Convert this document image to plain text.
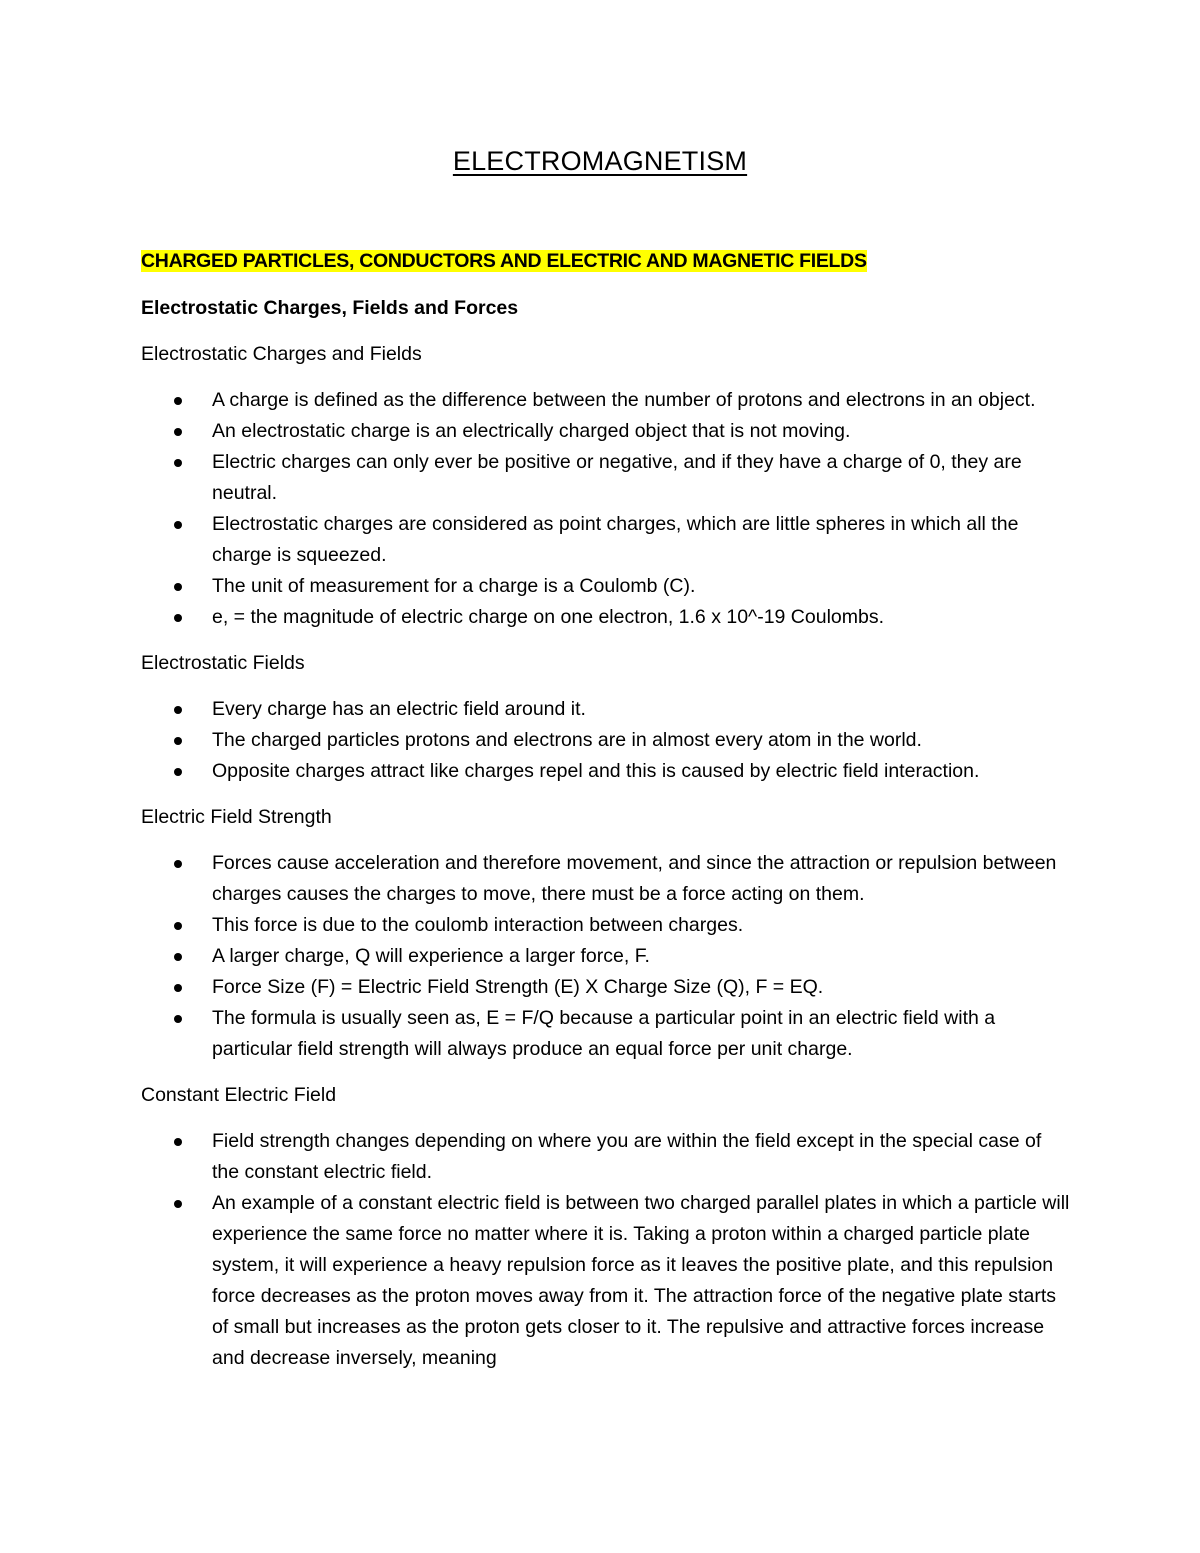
ELECTROMAGNETISM

CHARGED PARTICLES, CONDUCTORS AND ELECTRIC AND MAGNETIC FIELDS

Electrostatic Charges, Fields and Forces

Electrostatic Charges and Fields

A charge is defined as the difference between the number of protons and electrons in an object.
An electrostatic charge is an electrically charged object that is not moving.
Electric charges can only ever be positive or negative, and if they have a charge of 0, they are neutral.
Electrostatic charges are considered as point charges, which are little spheres in which all the charge is squeezed.
The unit of measurement for a charge is a Coulomb (C).
e, = the magnitude of electric charge on one electron, 1.6 x 10^-19 Coulombs.

Electrostatic Fields

Every charge has an electric field around it.
The charged particles protons and electrons are in almost every atom in the world.
Opposite charges attract like charges repel and this is caused by electric field interaction.

Electric Field Strength

Forces cause acceleration and therefore movement, and since the attraction or repulsion between charges causes the charges to move, there must be a force acting on them.
This force is due to the coulomb interaction between charges.
A larger charge, Q will experience a larger force, F.
Force Size (F) = Electric Field Strength (E) X Charge Size (Q), F = EQ.
The formula is usually seen as, E = F/Q because a particular point in an electric field with a particular field strength will always produce an equal force per unit charge.

Constant Electric Field

Field strength changes depending on where you are within the field except in the special case of the constant electric field.
An example of a constant electric field is between two charged parallel plates in which a particle will experience the same force no matter where it is. Taking a proton within a charged particle plate system, it will experience a heavy repulsion force as it leaves the positive plate, and this repulsion force decreases as the proton moves away from it. The attraction force of the negative plate starts of small but increases as the proton gets closer to it. The repulsive and attractive forces increase and decrease inversely, meaning
